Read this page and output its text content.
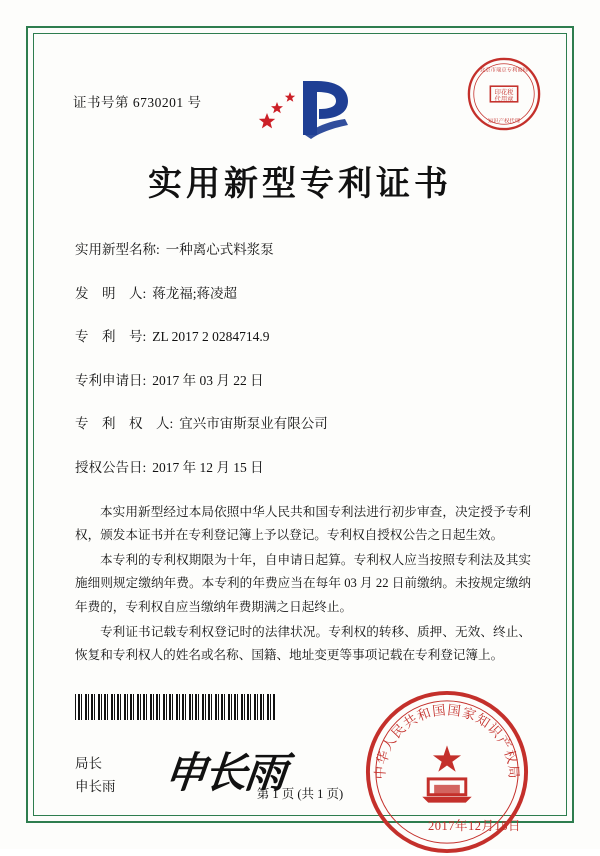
证书号第 6730201 号
印花税
代用章
北京市瑞京专利商标
知识产权代理
实用新型专利证书
实用新型名称: 一种离心式料浆泵
发　明　人: 蒋龙福;蒋凌超
专　利　号: ZL 2017 2 0284714.9
专利申请日: 2017 年 03 月 22 日
专　利　权　人: 宜兴市宙斯泵业有限公司
授权公告日: 2017 年 12 月 15 日

本实用新型经过本局依照中华人民共和国专利法进行初步审查，决定授予专利权，颁发本证书并在专利登记簿上予以登记。专利权自授权公告之日起生效。

本专利的专利权期限为十年，自申请日起算。专利权人应当按照专利法及其实施细则规定缴纳年费。本专利的年费应当在每年 03 月 22 日前缴纳。未按规定缴纳年费的，专利权自应当缴纳年费期满之日起终止。

专利证书记载专利权登记时的法律状况。专利权的转移、质押、无效、终止、恢复和专利权人的姓名或名称、国籍、地址变更等事项记载在专利登记簿上。

局长
申长雨 申长雨	中华人民共和国国家知识产权局
2017年12月15日
第 1 页 (共 1 页)
